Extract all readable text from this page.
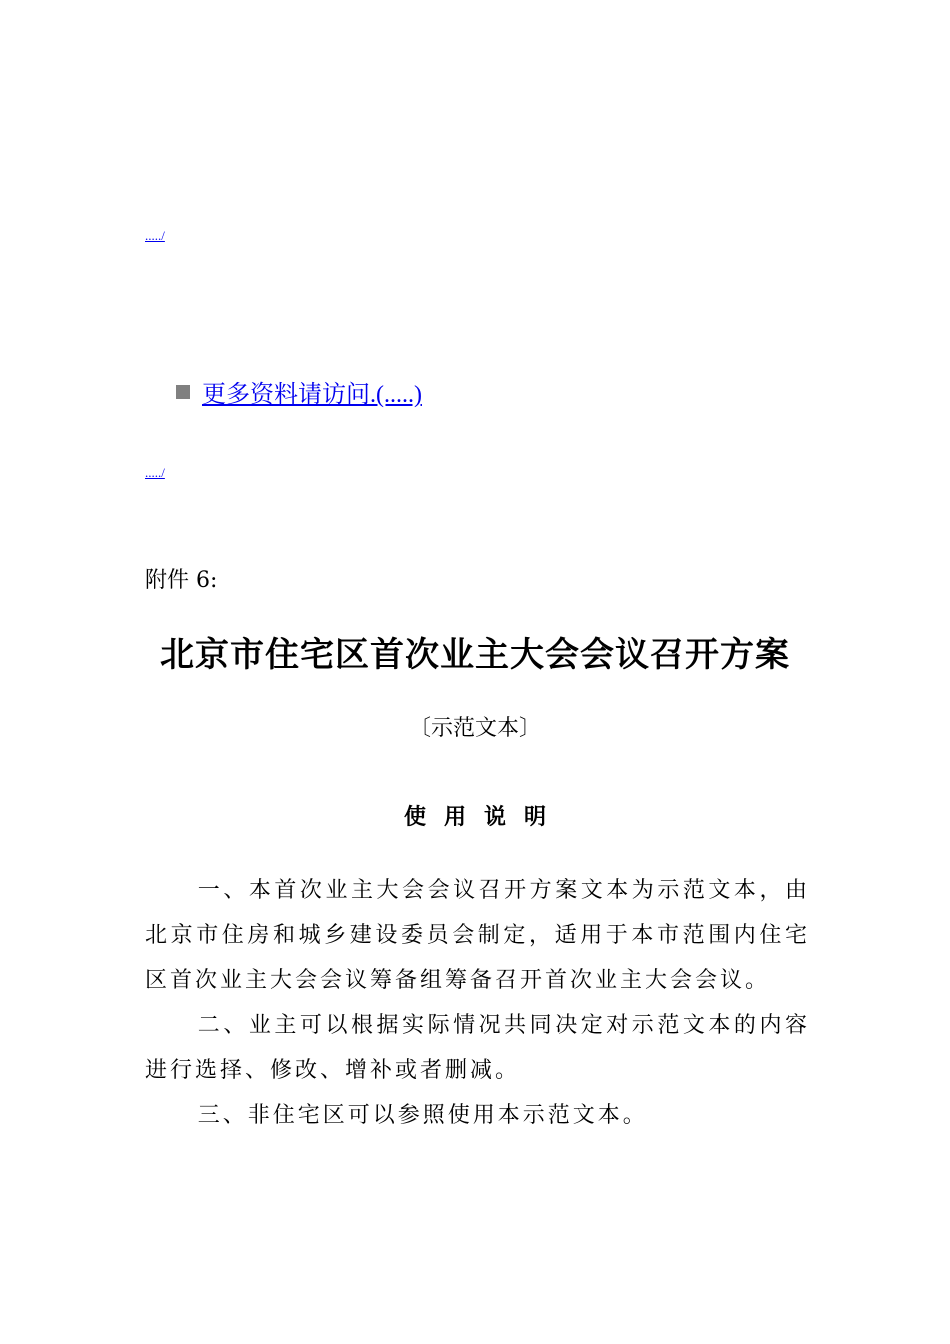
...../
更多资料请访问.(.....)
...../
附件 6:
北京市住宅区首次业主大会会议召开方案
〔示范文本〕
使用说明

一、本首次业主大会会议召开方案文本为示范文本，由北京市住房和城乡建设委员会制定，适用于本市范围内住宅区首次业主大会会议筹备组筹备召开首次业主大会会议。

二、业主可以根据实际情况共同决定对示范文本的内容进行选择、修改、增补或者删减。

三、非住宅区可以参照使用本示范文本。
